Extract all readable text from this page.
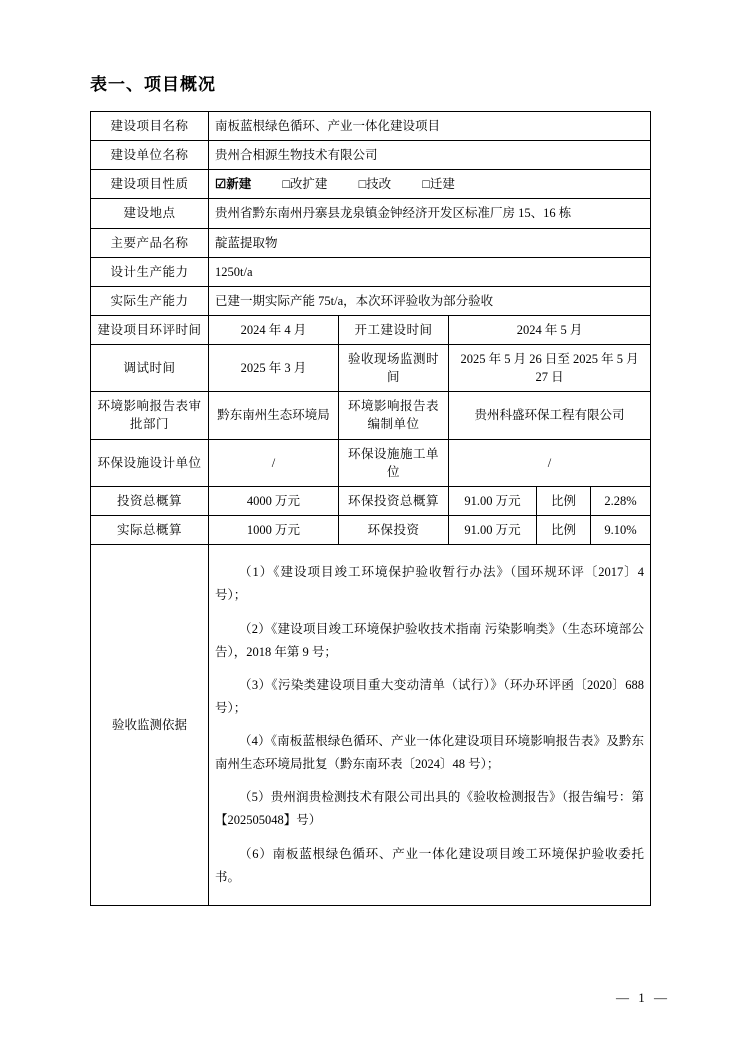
表一、项目概况
建设项目名称	南板蓝根绿色循环、产业一体化建设项目				
建设单位名称	贵州合相源生物技术有限公司				
建设项目性质	☑新建 □改扩建 □技改 □迁建				
建设地点	贵州省黔东南州丹寨县龙泉镇金钟经济开发区标准厂房 15、16 栋				
主要产品名称	靛蓝提取物				
设计生产能力	1250t/a				
实际生产能力	已建一期实际产能 75t/a，本次环评验收为部分验收				
建设项目环评时间	2024 年 4 月	开工建设时间	2024 年 5 月		
调试时间	2025 年 3 月	验收现场监测时间	2025 年 5 月 26 日至 2025 年 5 月 27 日		
环境影响报告表审批部门	黔东南州生态环境局	环境影响报告表编制单位	贵州科盛环保工程有限公司		
环保设施设计单位	/	环保设施施工单位	/		
投资总概算	4000 万元	环保投资总概算	91.00 万元	比例	2.28%
实际总概算	1000 万元	环保投资	91.00 万元	比例	9.10%
验收监测依据	

（1）《建设项目竣工环境保护验收暂行办法》（国环规环评〔2017〕4 号）；

（2）《建设项目竣工环境保护验收技术指南 污染影响类》（生态环境部公告），2018 年第 9 号；

（3）《污染类建设项目重大变动清单（试行）》（环办环评函〔2020〕688 号）；

（4）《南板蓝根绿色循环、产业一体化建设项目环境影响报告表》及黔东南州生态环境局批复（黔东南环表〔2024〕48 号）；

（5）贵州润贵检测技术有限公司出具的《验收检测报告》（报告编号：第【202505048】号）

（6）南板蓝根绿色循环、产业一体化建设项目竣工环境保护验收委托书。

— 1 —
